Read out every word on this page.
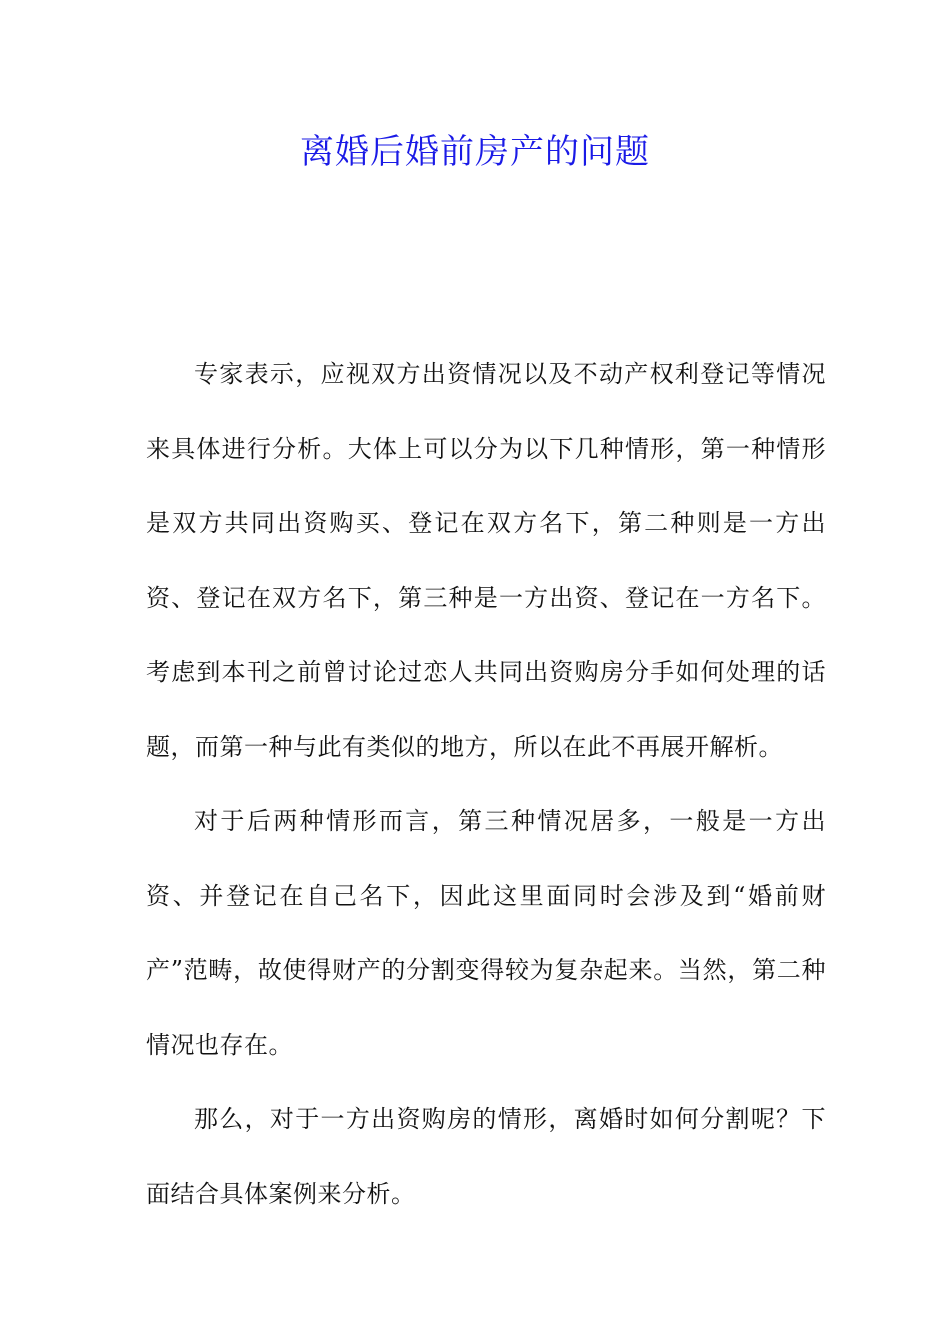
离婚后婚前房产的问题

专家表示，应视双方出资情况以及不动产权利登记等情况来具体进行分析。大体上可以分为以下几种情形，第一种情形是双方共同出资购买、登记在双方名下，第二种则是一方出资、登记在双方名下，第三种是一方出资、登记在一方名下。考虑到本刊之前曾讨论过恋人共同出资购房分手如何处理的话题，而第一种与此有类似的地方，所以在此不再展开解析。

对于后两种情形而言，第三种情况居多，一般是一方出资、并登记在自己名下，因此这里面同时会涉及到“婚前财产”范畴，故使得财产的分割变得较为复杂起来。当然，第二种情况也存在。

那么，对于一方出资购房的情形，离婚时如何分割呢？下面结合具体案例来分析。
